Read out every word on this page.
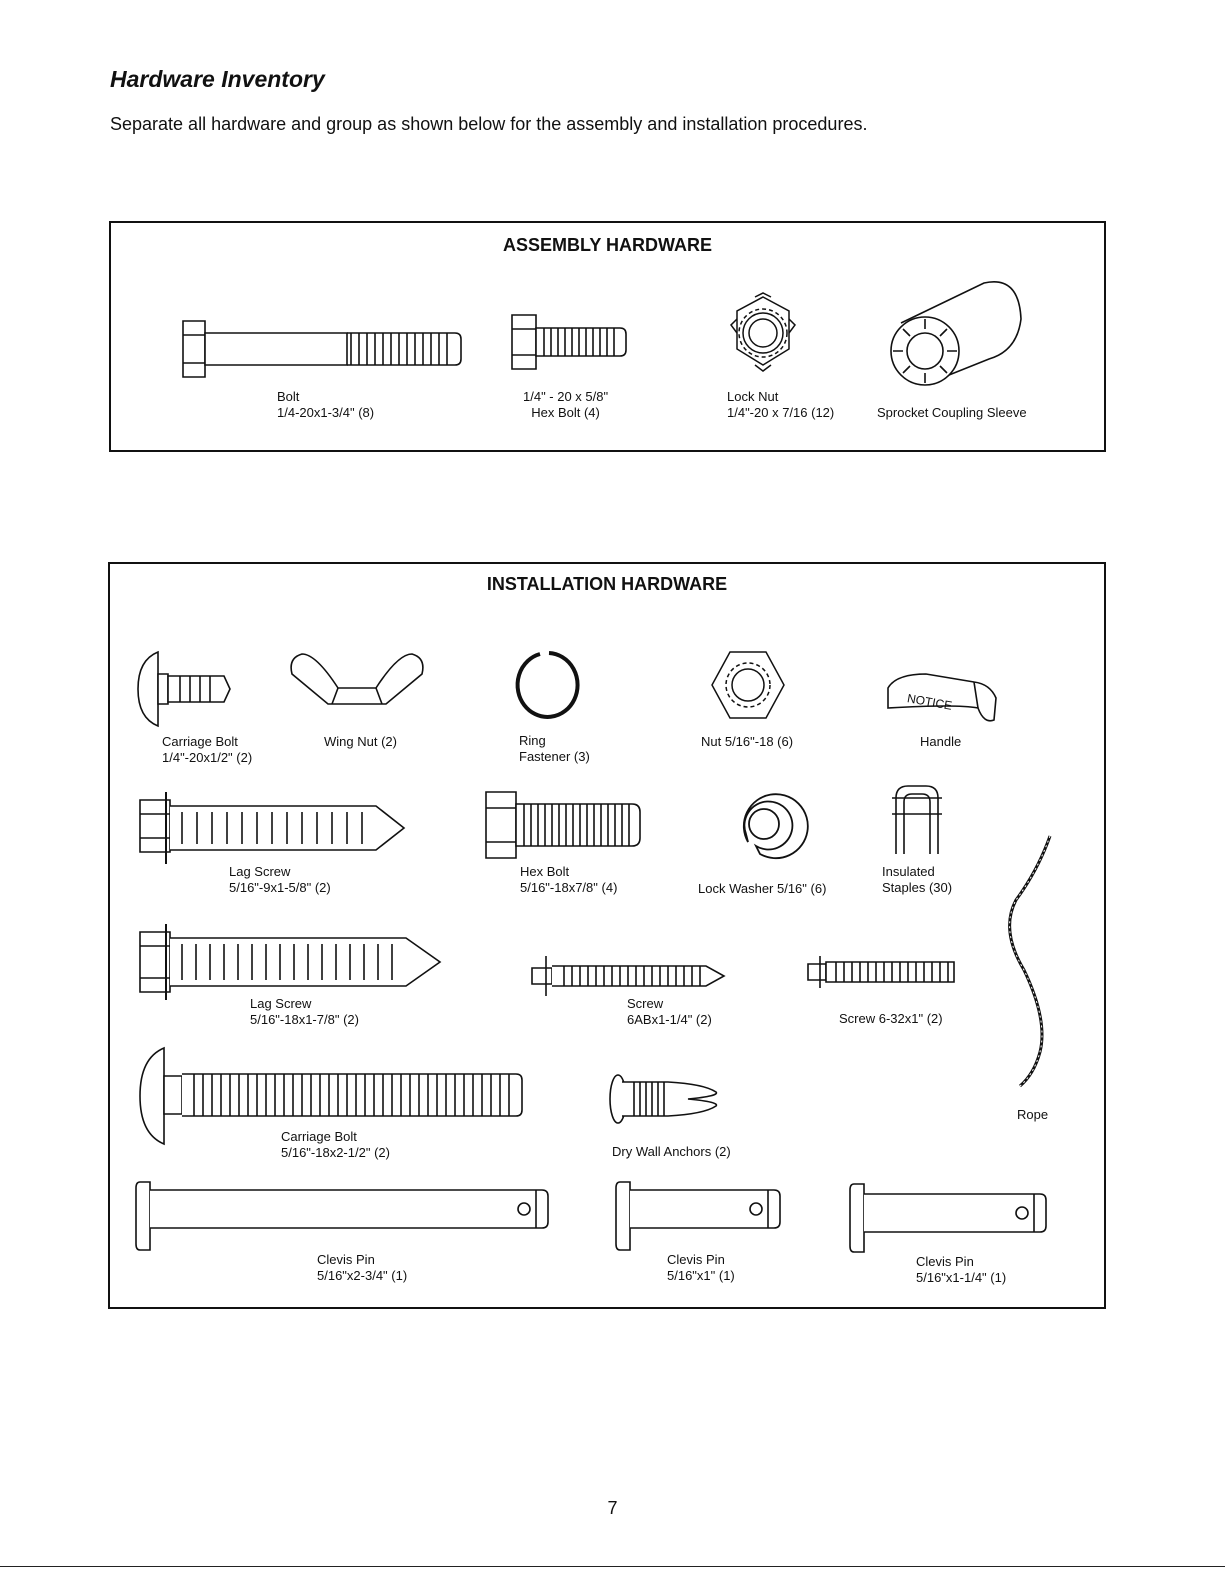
Hardware Inventory

Separate all hardware and group as shown below for the assembly and installation procedures.

ASSEMBLY HARDWARE
Bolt
1/4-20x1-3/4" (8)
1/4" - 20 x 5/8"
Hex Bolt (4)
Lock Nut
1/4"-20 x 7/16 (12)	Sprocket Coupling Sleeve
INSTALLATION HARDWARE
NOTICE
Carriage Bolt
1/4"-20x1/2" (2)
Wing Nut (2)	Ring
Fastener (3)
Nut 5/16"-18 (6)	Handle
Lag Screw
5/16"-9x1-5/8" (2)
Hex Bolt
5/16"-18x7/8" (4)	Lock Washer 5/16" (6)
Insulated
Staples (30)
Lag Screw
5/16"-18x1-7/8" (2)
Screw
6ABx1-1/4" (2)	Screw 6-32x1" (2)
Rope
Carriage Bolt
5/16"-18x2-1/2" (2)	Dry Wall Anchors (2)
Clevis Pin
5/16"x2-3/4" (1)
Clevis Pin
5/16"x1" (1)
Clevis Pin
5/16"x1-1/4" (1)
7
